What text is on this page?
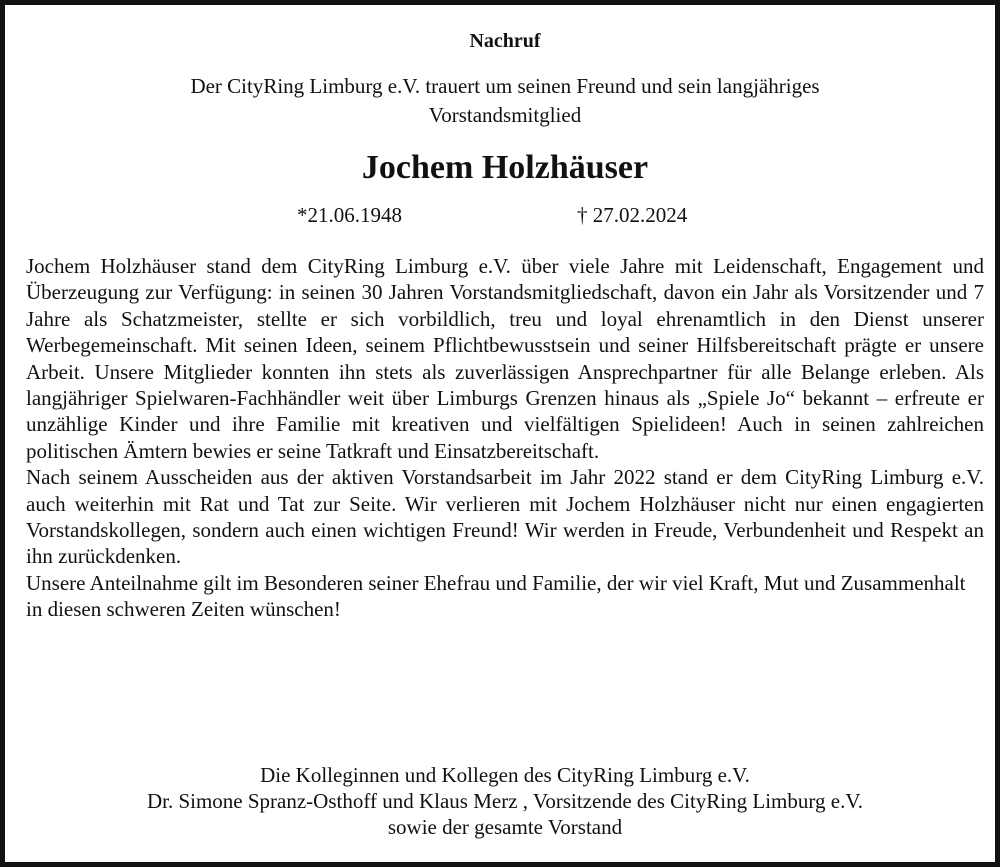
Nachruf
Der CityRing Limburg e.V. trauert um seinen Freund und sein langjähriges
Vorstandsmitglied
Jochem Holzhäuser
*21.06.1948	† 27.02.2024

Jochem Holzhäuser stand dem CityRing Limburg e.V. über viele Jahre mit Leidenschaft, Engagement und Überzeugung zur Verfügung: in seinen 30 Jahren Vorstandsmitgliedschaft, davon ein Jahr als Vorsitzender und 7 Jahre als Schatzmeister, stellte er sich vorbildlich, treu und loyal ehrenamtlich in den Dienst unserer Werbegemeinschaft. Mit seinen Ideen, seinem Pflichtbewusstsein und seiner Hilfsbereitschaft prägte er unsere Arbeit. Unsere Mitglieder konnten ihn stets als zuverlässigen Ansprechpartner für alle Belange erleben. Als langjähriger Spielwaren-Fachhändler weit über Limburgs Grenzen hinaus als „Spiele Jo“ bekannt – erfreute er unzählige Kinder und ihre Familie mit kreativen und vielfältigen Spielideen! Auch in seinen zahlreichen politischen Ämtern bewies er seine Tatkraft und Einsatzbereitschaft.

Nach seinem Ausscheiden aus der aktiven Vorstandsarbeit im Jahr 2022 stand er dem CityRing Limburg e.V. auch weiterhin mit Rat und Tat zur Seite. Wir verlieren mit Jochem Holzhäuser nicht nur einen engagierten Vorstandskollegen, sondern auch einen wichtigen Freund! Wir werden in Freude, Verbundenheit und Respekt an ihn zurückdenken.

Unsere Anteilnahme gilt im Besonderen seiner Ehefrau und Familie, der wir viel Kraft, Mut und Zusammenhalt in diesen schweren Zeiten wünschen!

Die Kolleginnen und Kollegen des CityRing Limburg e.V.
Dr. Simone Spranz-Osthoff und Klaus Merz , Vorsitzende des CityRing Limburg e.V.
sowie der gesamte Vorstand
